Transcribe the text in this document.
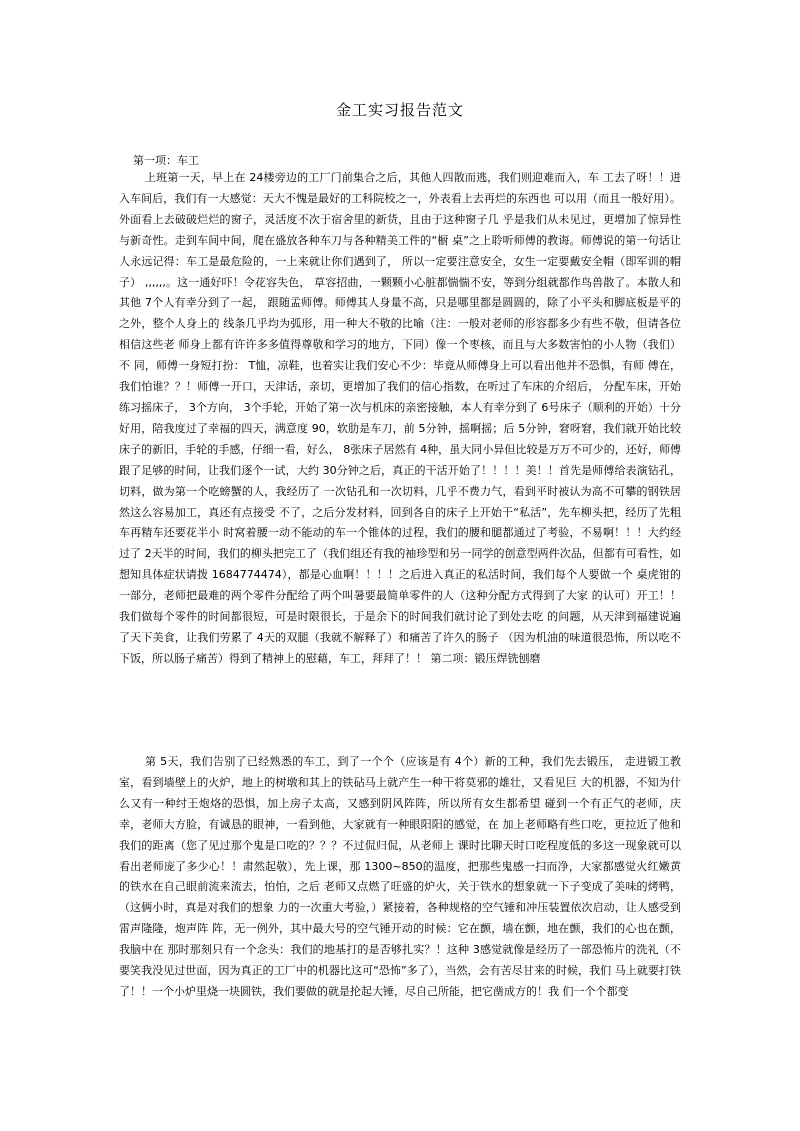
金工实习报告范文
第一项：车工

上班第一天，早上在 24楼旁边的工厂门前集合之后，其他人四散而逃，我们则迎难而入，车 工去了呀！！进入车间后，我们有一大感觉：天大不愧是最好的工科院校之一，外表看上去再烂的东西也 可以用（而且一般好用）。外面看上去破破烂烂的窗子，灵活度不次于宿舍里的新货，且由于这种窗子几 乎是我们从未见过，更增加了惊异性与新奇性。走到车间中间，爬在盛放各种车刀与各种精美工件的“橱 桌”之上聆听师傅的教诲。师傅说的第一句话让人永远记得：车工是最危险的，一上来就让你们遇到了， 所以一定要注意安全，女生一定要戴安全帽（即军训的帽子） ,,,,,,。这一通好吓！令花容失色， 草容招曲，一颗颗小心脏都惴惴不安，等到分组就都作鸟兽散了。本散人和其他 7个人有幸分到了一起， 跟随孟师傅。师傅其人身量不高，只是哪里都是圆圆的，除了小平头和脚底板是平的之外，整个人身上的 线条几乎均为弧形，用一种大不敬的比喻（注：一般对老师的形容都多少有些不敬，但请各位相信这些老 师身上都有许许多多值得尊敬和学习的地方，下同）像一个枣核，而且与大多数害怕的小人物（我们）不 同，师傅一身短打扮： T恤，凉鞋，也着实让我们安心不少：毕竟从师傅身上可以看出他并不恐惧，有师 傅在，我们怕谁？？！师傅一开口，天津话，亲切，更增加了我们的信心指数，在听过了车床的介绍后， 分配车床，开始练习摇床子， 3个方向， 3个手轮，开始了第一次与机床的亲密接触，本人有幸分到了 6号床子（顺利的开始）十分好用，陪我度过了幸福的四天，满意度 90，软肋是车刀，前 5分钟，摇啊摇；后 5分钟，窘呀窘，我们就开始比较床子的新旧，手轮的手感，仔细一看，好么， 8张床子居然有 4种，虽大同小异但比较是万万不可少的，还好，师傅跟了足够的时间，让我们逐个一试，大约 30分钟之后，真正的干活开始了！！！！美！！首先是师傅给表演钻孔，切料，做为第一个吃螃蟹的人，我经历了 一次钻孔和一次切料，几乎不费力气，看到平时被认为高不可攀的钢铁居然这么容易加工，真还有点接受 不了，之后分发材料，回到各自的床子上开始干“私活”，先车柳头把，经历了先粗车再精车还要花半小 时窝着腰一动不能动的车一个锥体的过程，我们的腰和腿都通过了考验，不易啊！！！大约经过了 2天半的时间，我们的柳头把完工了（我们组还有我的袖珍型和另一同学的创意型两件次品，但都有可看性，如 想知具体症状请拨 1684774474），都是心血啊！！！！之后进入真正的私活时间，我们每个人要做一个 桌虎钳的一部分，老师把最难的两个零件分配给了两个叫暑要最简单零件的人（这种分配方式得到了大家 的认可）开工！！我们做每个零件的时间都很短，可是时限很长，于是余下的时间我们就讨论了到处去吃 的问题，从天津到福建说遍了天下美食，让我们劳累了 4天的双腿（我就不解释了）和痛苦了许久的肠子 （因为机油的味道很恐怖，所以吃不下饭，所以肠子痛苦）得到了精神上的慰藉，车工，拜拜了！！ 第二项：锻压焊铣刨磨

第 5天，我们告别了已经熟悉的车工，到了一个个（应该是有 4个）新的工种，我们先去锻压， 走进锻工教室，看到墙壁上的火炉，地上的树墩和其上的铁砧马上就产生一种干将莫邪的雄壮，又看见巨 大的机器，不知为什么又有一种纣王炮烙的恐惧，加上房子太高，又感到阴风阵阵，所以所有女生都希望 碰到一个有正气的老师，庆幸，老师大方脸，有诚恳的眼神，一看到他，大家就有一种眼阳阳的感觉，在 加上老师略有些口吃，更拉近了他和我们的距离（您了见过那个鬼是口吃的？？？不过侃归侃，从老师上 课时比聊天时口吃程度低的多这一现象就可以看出老师庞了多少心！！肃然起敬），先上课，那 1300~850的温度，把那些鬼感一扫而净，大家都感觉火红嫩黄的铁水在自己眼前流来流去，怕怕，之后 老师又点燃了旺盛的炉火，关于铁水的想象就一下子变成了美味的烤鸭，（这俩小时，真是对我们的想象 力的一次重大考验，）紧接着，各种规格的空气锤和冲压装置依次启动，让人感受到雷声隆隆，炮声阵 阵，无一例外，其中最大号的空气锤开动的时候：它在颤，墙在颤，地在颤，我们的心也在颤，我脑中在 那时那刻只有一个念头：我们的地基打的是否够扎实？！这种 3感觉就像是经历了一部恐怖片的洗礼（不 要笑我没见过世面，因为真正的工厂中的机器比这可“恐怖”多了），当然，会有苦尽甘来的时候，我们 马上就要打铁了！！一个小炉里烧一块圆铁，我们要做的就是抡起大锤，尽自己所能，把它凿成方的！我 们一个个都变
